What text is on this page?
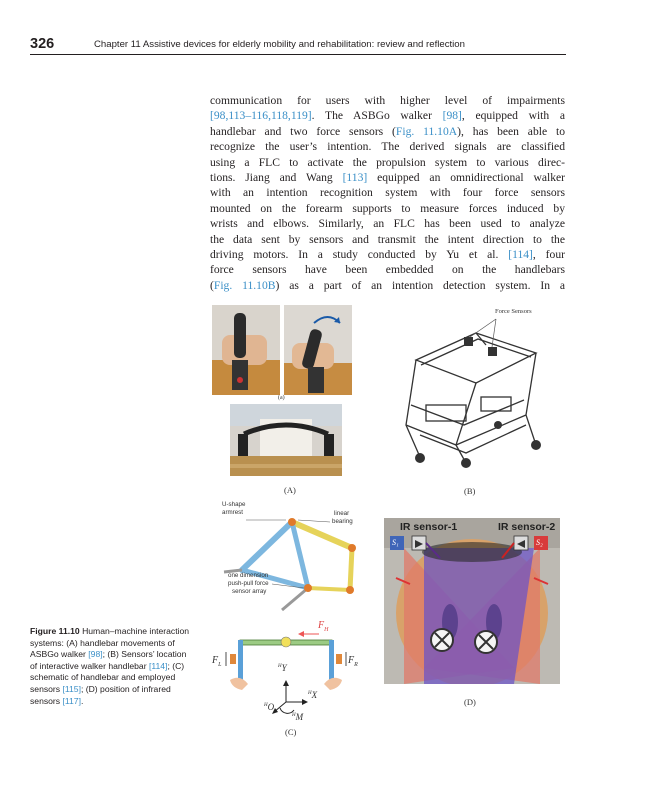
326	Chapter 11 Assistive devices for elderly mobility and rehabilitation: review and reflection

communication for users with higher level of impairments

[98,113–116,118,119]. The ASBGo walker [98], equipped with a

handlebar and two force sensors (Fig. 11.10A), has been able to

recognize the user’s intention. The derived signals are classified

using a FLC to activate the propulsion system to various direc-

tions. Jiang and Wang [113] equipped an omnidirectional walker

with an intention recognition system with four force sensors

mounted on the forearm supports to measure forces induced by

wrists and elbows. Similarly, an FLC has been used to analyze

the data sent by sensors and transmit the intent direction to the

driving motors. In a study conducted by Yu et al. [114], four

force sensors have been embedded on the handlebars

(Fig. 11.10B) as a part of an intention detection system. In a

(a)
(A)
Force Sensors
(B)
U-shape
armrest	linear
bearing
one dimension
push-pull force
sensor array
$F_H$
$F_L$	$F_R$
$^H$Y
$^H$X
$^H$O
$^H$M
(C)
IR sensor-1	IR sensor-2
S₁	S₂
(D)
Figure 11.10 Human–machine interaction systems: (A) handlebar movements of ASBGo walker [98]; (B) Sensors’ location of interactive walker handlebar [114]; (C) schematic of handlebar and employed sensors [115]; (D) position of infrared sensors [117].
